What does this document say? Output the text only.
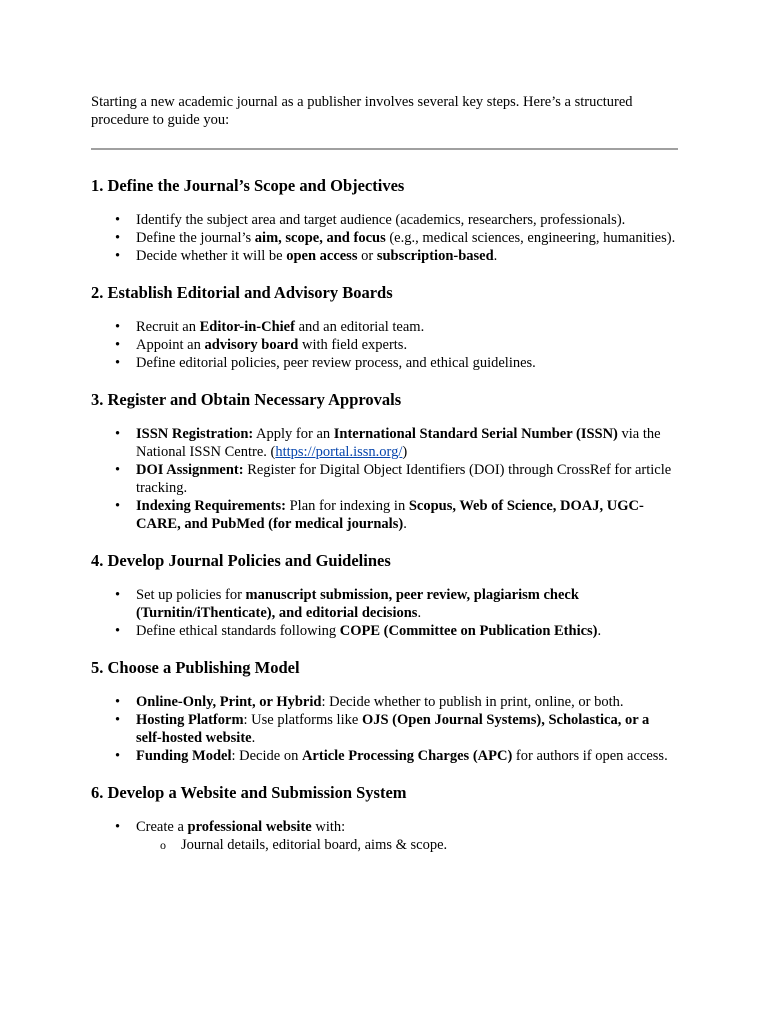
Starting a new academic journal as a publisher involves several key steps. Here’s a structured procedure to guide you:

1. Define the Journal’s Scope and Objectives
• Identify the subject area and target audience (academics, researchers, professionals).
• Define the journal’s aim, scope, and focus (e.g., medical sciences, engineering, humanities).
• Decide whether it will be open access or subscription-based.
2. Establish Editorial and Advisory Boards
• Recruit an Editor-in-Chief and an editorial team.
• Appoint an advisory board with field experts.
• Define editorial policies, peer review process, and ethical guidelines.
3. Register and Obtain Necessary Approvals
• ISSN Registration: Apply for an International Standard Serial Number (ISSN) via the National ISSN Centre. (https://portal.issn.org/)
• DOI Assignment: Register for Digital Object Identifiers (DOI) through CrossRef for article tracking.
• Indexing Requirements: Plan for indexing in Scopus, Web of Science, DOAJ, UGC-CARE, and PubMed (for medical journals).
4. Develop Journal Policies and Guidelines
• Set up policies for manuscript submission, peer review, plagiarism check (Turnitin/iThenticate), and editorial decisions.
• Define ethical standards following COPE (Committee on Publication Ethics).
5. Choose a Publishing Model
• Online-Only, Print, or Hybrid: Decide whether to publish in print, online, or both.
• Hosting Platform: Use platforms like OJS (Open Journal Systems), Scholastica, or a self-hosted website.
• Funding Model: Decide on Article Processing Charges (APC) for authors if open access.
6. Develop a Website and Submission System
• Create a professional website with:
o Journal details, editorial board, aims & scope.
